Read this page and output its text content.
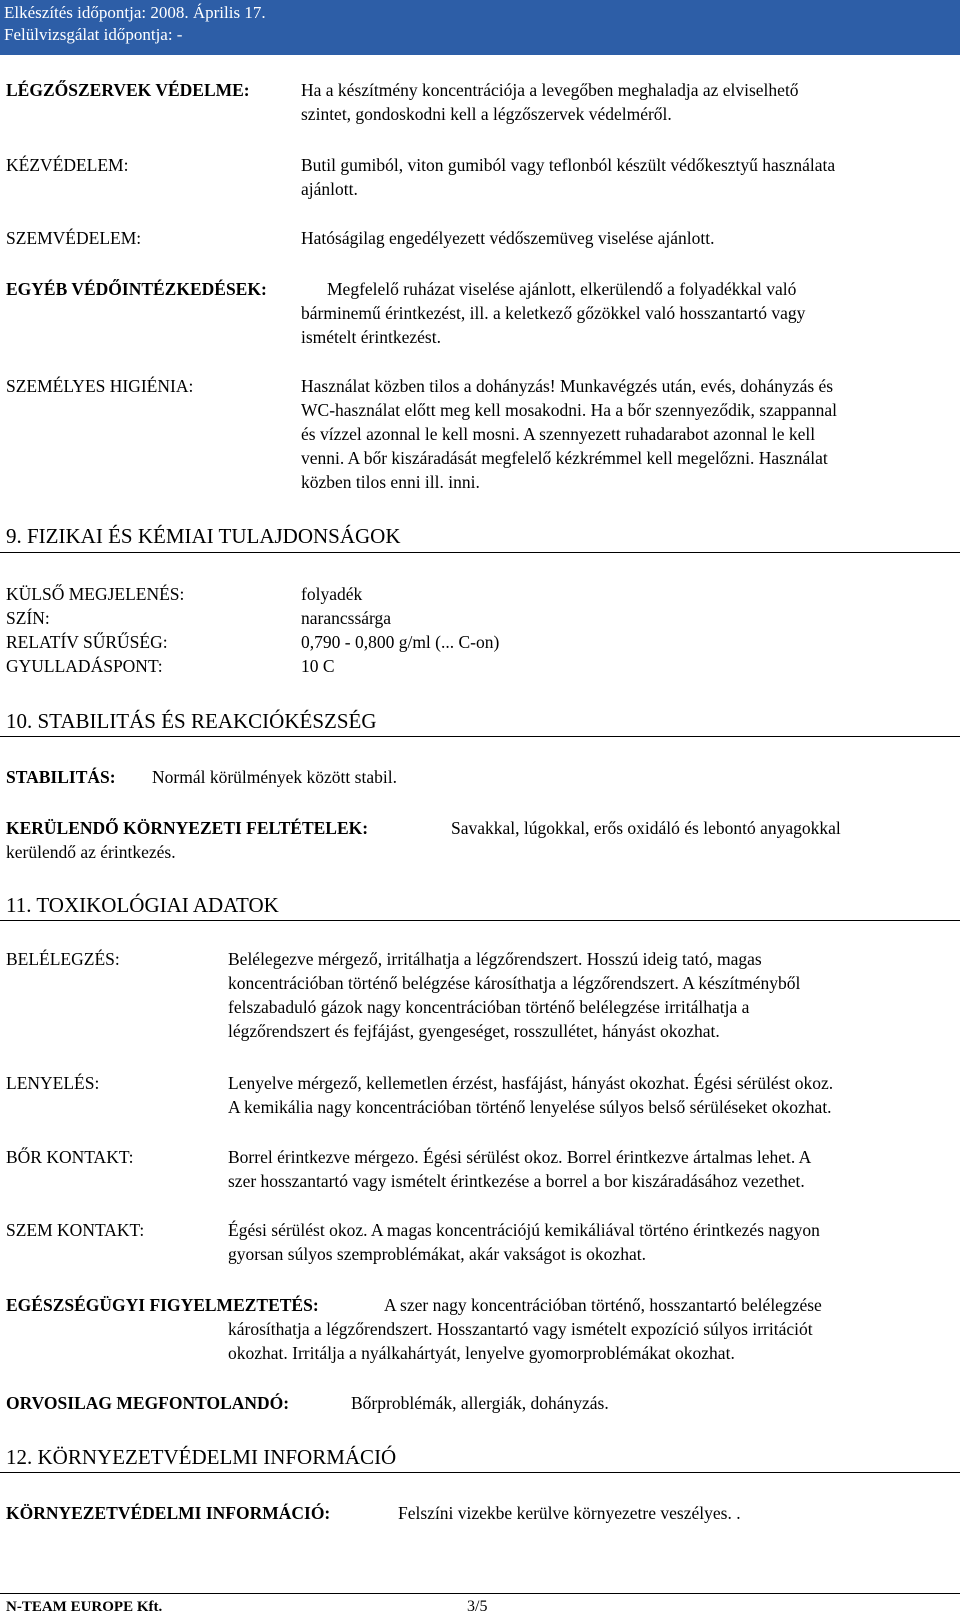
Elkészítés időpontja: 2008. Április 17.
Felülvizsgálat időpontja: -
LÉGZŐSZERVEK VÉDELME:	Ha a készítmény koncentrációja a levegőben meghaladja az elviselhető
szintet, gondoskodni kell a légzőszervek védelméről.
KÉZVÉDELEM:	Butil gumiból, viton gumiból vagy teflonból készült védőkesztyű használata
ajánlott.
SZEMVÉDELEM:	Hatóságilag engedélyezett védőszemüveg viselése ajánlott.
EGYÉB VÉDŐINTÉZKEDÉSEK:	Megfelelő ruházat viselése ajánlott, elkerülendő a folyadékkal való
bárminemű érintkezést, ill. a keletkező gőzökkel való hosszantartó vagy
ismételt érintkezést.
SZEMÉLYES HIGIÉNIA:	Használat közben tilos a dohányzás! Munkavégzés után, evés, dohányzás és
WC-használat előtt meg kell mosakodni. Ha a bőr szennyeződik, szappannal
és vízzel azonnal le kell mosni. A szennyezett ruhadarabot azonnal le kell
venni. A bőr kiszáradását megfelelő kézkrémmel kell megelőzni. Használat
közben tilos enni ill. inni.
9. FIZIKAI ÉS KÉMIAI TULAJDONSÁGOK
KÜLSŐ MEGJELENÉS:	folyadék
SZÍN:	narancssárga
RELATÍV SŰRŰSÉG:	0,790 - 0,800 g/ml (... C-on)
GYULLADÁSPONT:	10 C
10. STABILITÁS ÉS REAKCIÓKÉSZSÉG
STABILITÁS: Normál körülmények között stabil.
KERÜLENDŐ KÖRNYEZETI FELTÉTELEK:	Savakkal, lúgokkal, erős oxidáló és lebontó anyagokkal
kerülendő az érintkezés.
11. TOXIKOLÓGIAI ADATOK
BELÉLEGZÉS:	Belélegezve mérgező, irritálhatja a légzőrendszert. Hosszú ideig tató, magas
koncentrációban történő belégzése károsíthatja a légzőrendszert. A készítményből
felszabaduló gázok nagy koncentrációban történő belélegzése irritálhatja a
légzőrendszert és fejfájást, gyengeséget, rosszullétet, hányást okozhat.
LENYELÉS:	Lenyelve mérgező, kellemetlen érzést, hasfájást, hányást okozhat. Égési sérülést okoz.
A kemikália nagy koncentrációban történő lenyelése súlyos belső sérüléseket okozhat.
BŐR KONTAKT:	Borrel érintkezve mérgezo. Égési sérülést okoz. Borrel érintkezve ártalmas lehet. A
szer hosszantartó vagy ismételt érintkezése a borrel a bor kiszáradásához vezethet.
SZEM KONTAKT:	Égési sérülést okoz. A magas koncentrációjú kemikáliával történo érintkezés nagyon
gyorsan súlyos szemproblémákat, akár vakságot is okozhat.
EGÉSZSÉGÜGYI FIGYELMEZTETÉS:	A szer nagy koncentrációban történő, hosszantartó belélegzése
károsíthatja a légzőrendszert. Hosszantartó vagy ismételt expozíció súlyos irritációt
okozhat. Irritálja a nyálkahártyát, lenyelve gyomorproblémákat okozhat.
ORVOSILAG MEGFONTOLANDÓ:	Bőrproblémák, allergiák, dohányzás.
12. KÖRNYEZETVÉDELMI INFORMÁCIÓ
KÖRNYEZETVÉDELMI INFORMÁCIÓ:	Felszíni vizekbe kerülve környezetre veszélyes. .
N-TEAM EUROPE Kft.	3/5
